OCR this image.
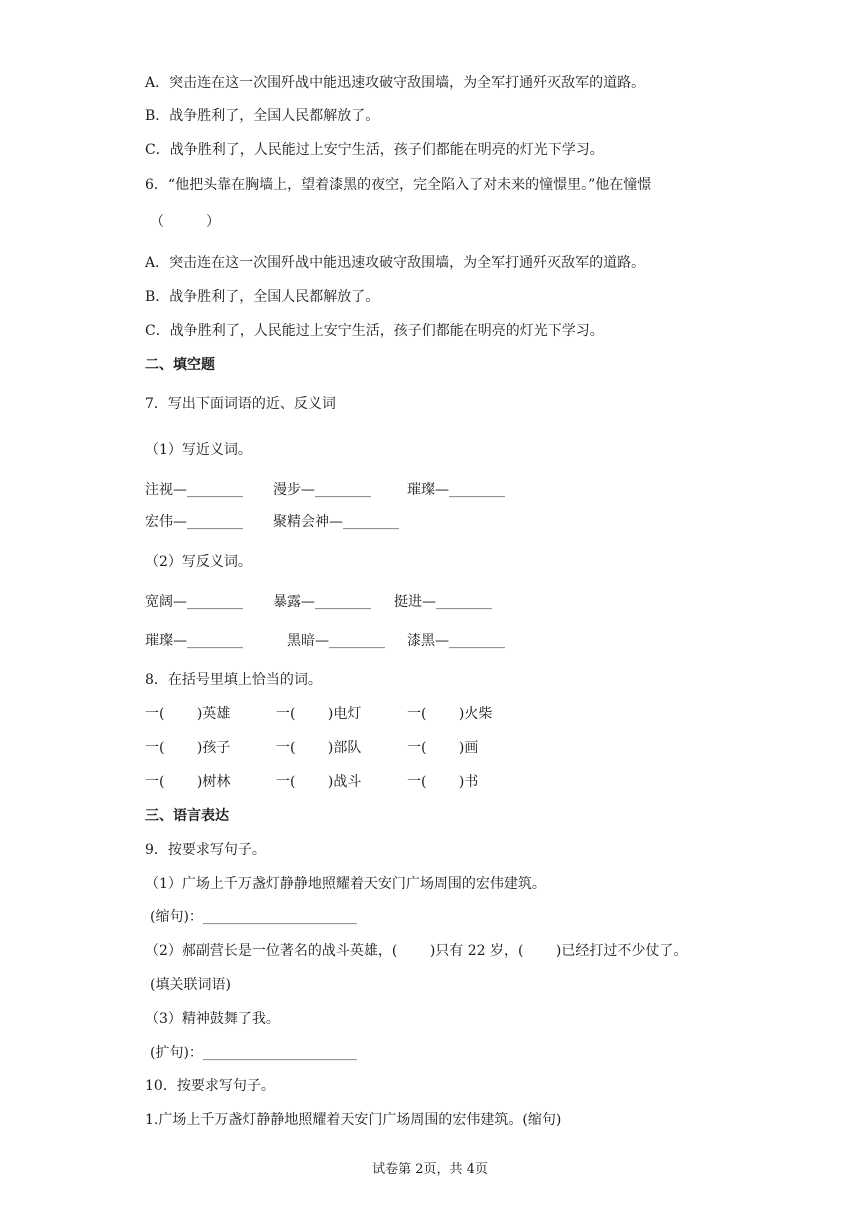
A．突击连在这一次围歼战中能迅速攻破守敌围墙，为全军打通歼灭敌军的道路。
B．战争胜利了，全国人民都解放了。
C．战争胜利了，人民能过上安宁生活，孩子们都能在明亮的灯光下学习。
6．“他把头靠在胸墙上，望着漆黑的夜空，完全陷入了对未来的憧憬里。”他在憧憬
（　　　）
A．突击连在这一次围歼战中能迅速攻破守敌围墙，为全军打通歼灭敌军的道路。
B．战争胜利了，全国人民都解放了。
C．战争胜利了，人民能过上安宁生活，孩子们都能在明亮的灯光下学习。
二、填空题
7．写出下面词语的近、反义词
（1）写近义词。
注视—________ 漫步—________	璀璨—________
宏伟—________ 聚精会神—________
（2）写反义词。
宽阔—________ 暴露—________ 挺进—________
璀璨—________	黑暗—________ 漆黑—________
8．在括号里填上恰当的词。
一(　　 )英雄	一(　　 )电灯	一(　　 )火柴
一(　　 )孩子	一(　　 )部队	一(　　 )画
一(　　 )树林	一(　　 )战斗	一(　　 )书
三、语言表达
9．按要求写句子。
（1）广场上千万盏灯静静地照耀着天安门广场周围的宏伟建筑。
(缩句)：______________________
（2）郝副营长是一位著名的战斗英雄，(　　 )只有 22 岁，(　　 )已经打过不少仗了。
(填关联词语)
（3）精神鼓舞了我。
(扩句)：______________________
10．按要求写句子。
1.广场上千万盏灯静静地照耀着天安门广场周围的宏伟建筑。(缩句)
试卷第 2页，共 4页
